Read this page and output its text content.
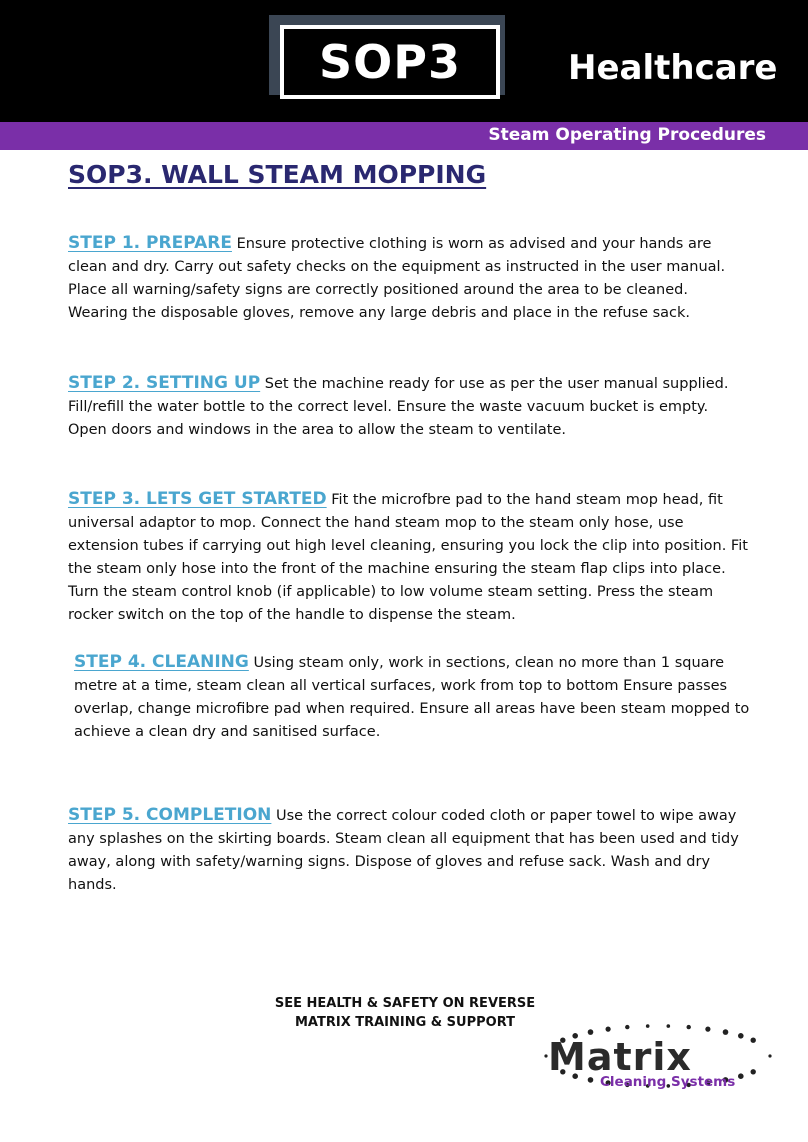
SOP3	Healthcare
Steam Operating Procedures
SOP3. WALL STEAM MOPPING

STEP 1. PREPARE Ensure protective clothing is worn as advised and your hands are clean and dry. Carry out safety checks on the equipment as instructed in the user manual. Place all warning/safety signs are correctly positioned around the area to be cleaned. Wearing the disposable gloves, remove any large debris and place in the refuse sack.

STEP 2. SETTING UP Set the machine ready for use as per the user manual supplied. Fill/refill the water bottle to the correct level. Ensure the waste vacuum bucket is empty. Open doors and windows in the area to allow the steam to ventilate.

STEP 3. LETS GET STARTED Fit the microfbre pad to the hand steam mop head, fit universal adaptor to mop. Connect the hand steam mop to the steam only hose, use extension tubes if carrying out high level cleaning, ensuring you lock the clip into position. Fit the steam only hose into the front of the machine ensuring the steam flap clips into place. Turn the steam control knob (if applicable) to low volume steam setting. Press the steam rocker switch on the top of the handle to dispense the steam.

STEP 4. CLEANING Using steam only, work in sections, clean no more than 1 square metre at a time, steam clean all vertical surfaces, work from top to bottom Ensure passes overlap, change microfibre pad when required. Ensure all areas have been steam mopped to achieve a clean dry and sanitised surface.

STEP 5. COMPLETION Use the correct colour coded cloth or paper towel to wipe away any splashes on the skirting boards. Steam clean all equipment that has been used and tidy away, along with safety/warning signs. Dispose of gloves and refuse sack. Wash and dry hands.

SEE HEALTH & SAFETY ON REVERSE
MATRIX TRAINING & SUPPORT
Matrix
Cleaning Systems
